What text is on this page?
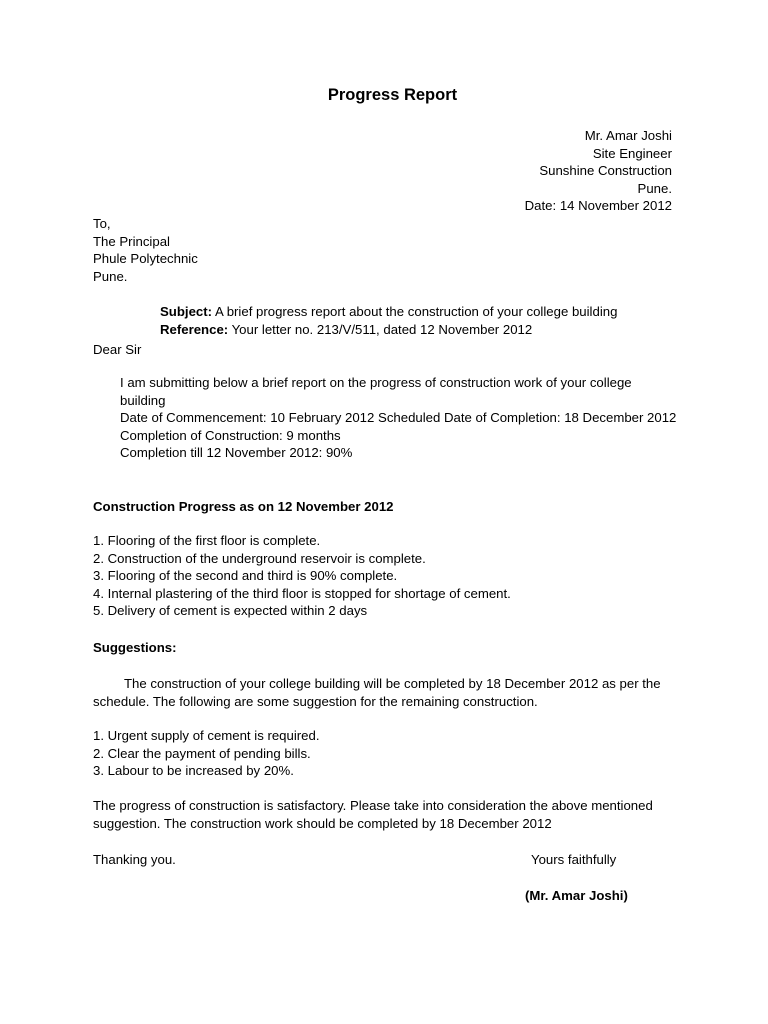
Progress Report
Mr. Amar Joshi
Site Engineer
Sunshine Construction
Pune.
Date: 14 November 2012
To,
The Principal
Phule Polytechnic
Pune.
Subject: A brief progress report about the construction of your college building
Reference: Your letter no. 213/V/511, dated 12 November 2012
Dear Sir
I am submitting below a brief report on the progress of construction work of your college building
Date of Commencement: 10 February 2012 Scheduled Date of Completion: 18 December 2012
Completion of Construction: 9 months
Completion till 12 November 2012: 90%
Construction Progress as on 12 November 2012
1. Flooring of the first floor is complete.
2. Construction of the underground reservoir is complete.
3. Flooring of the second and third is 90% complete.
4. Internal plastering of the third floor is stopped for shortage of cement.
5. Delivery of cement is expected within 2 days
Suggestions:
The construction of your college building will be completed by 18 December 2012 as per the schedule. The following are some suggestion for the remaining construction.
1. Urgent supply of cement is required.
2. Clear the payment of pending bills.
3. Labour to be increased by 20%.
The progress of construction is satisfactory. Please take into consideration the above mentioned suggestion. The construction work should be completed by 18 December 2012
Thanking you.	Yours faithfully
(Mr. Amar Joshi)
